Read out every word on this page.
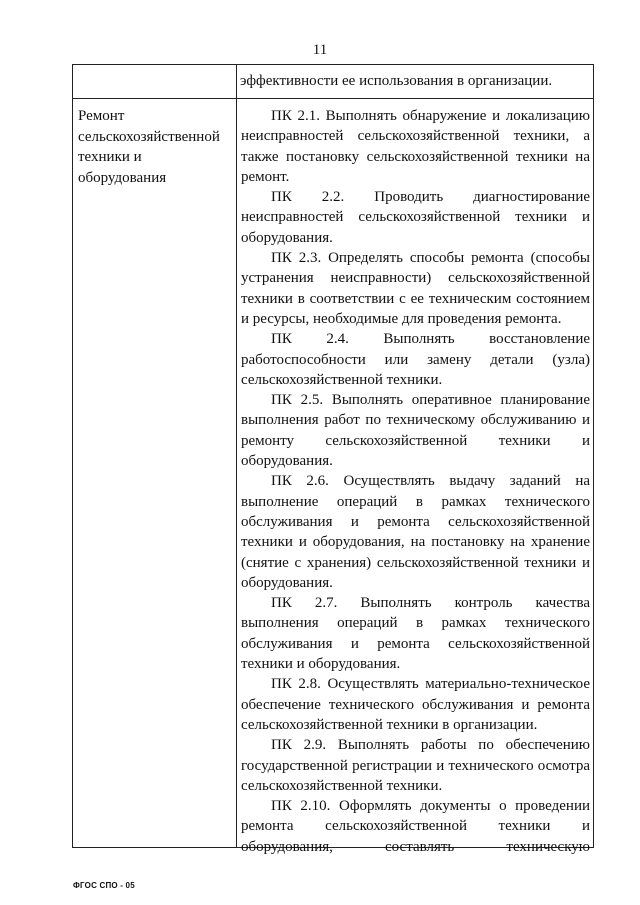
11
эффективности ее использования в организации.
Ремонт
сельскохозяйственной
техники и
оборудования

ПК 2.1. Выполнять обнаружение и локализацию неисправностей сельскохозяйственной техники, а также постановку сельскохозяйственной техники на ремонт.

ПК 2.2. Проводить диагностирование неисправностей сельскохозяйственной техники и оборудования.

ПК 2.3. Определять способы ремонта (способы устранения неисправности) сельскохозяйственной техники в соответствии с ее техническим состоянием и ресурсы, необходимые для проведения ремонта.

ПК 2.4. Выполнять восстановление работоспособности или замену детали (узла) сельскохозяйственной техники.

ПК 2.5. Выполнять оперативное планирование выполнения работ по техническому обслуживанию и ремонту сельскохозяйственной техники и оборудования.

ПК 2.6. Осуществлять выдачу заданий на выполнение операций в рамках технического обслуживания и ремонта сельскохозяйственной техники и оборудования, на постановку на хранение (снятие с хранения) сельскохозяйственной техники и оборудования.

ПК 2.7. Выполнять контроль качества выполнения операций в рамках технического обслуживания и ремонта сельскохозяйственной техники и оборудования.

ПК 2.8. Осуществлять материально-техническое обеспечение технического обслуживания и ремонта сельскохозяйственной техники в организации.

ПК 2.9. Выполнять работы по обеспечению государственной регистрации и технического осмотра сельскохозяйственной техники.

ПК 2.10. Оформлять документы о проведении ремонта сельскохозяйственной техники и оборудования, составлять техническую

ФГОС СПО - 05
